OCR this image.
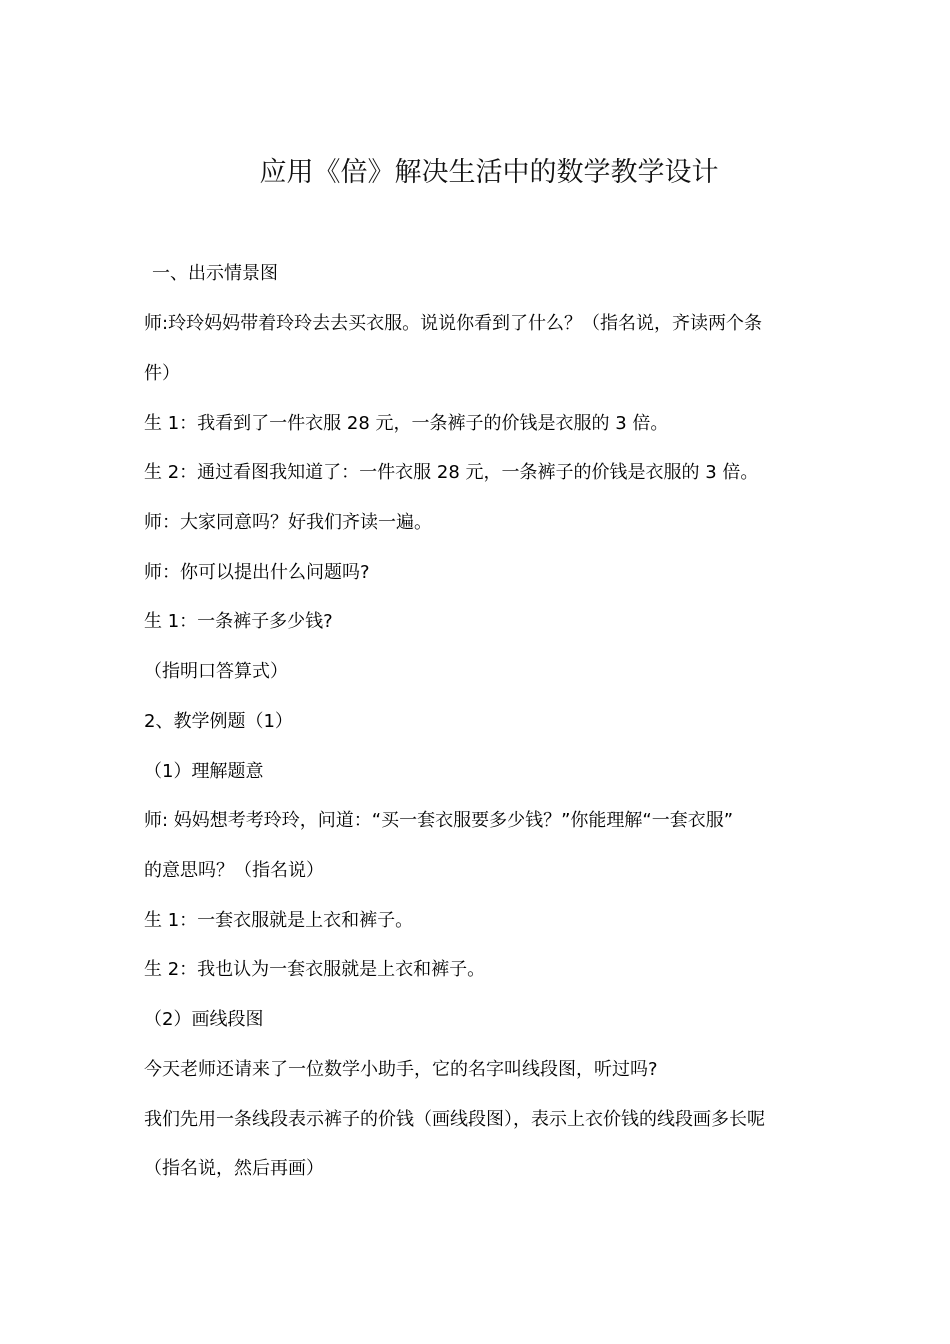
应用《倍》解决生活中的数学教学设计
一、出示情景图
师:玲玲妈妈带着玲玲去去买衣服。说说你看到了什么？（指名说，齐读两个条
件）
生 1：我看到了一件衣服 28 元，一条裤子的价钱是衣服的 3 倍。
生 2：通过看图我知道了：一件衣服 28 元，一条裤子的价钱是衣服的 3 倍。
师：大家同意吗？好我们齐读一遍。
师：你可以提出什么问题吗?
生 1：一条裤子多少钱?
（指明口答算式）
2、教学例题（1）
（1）理解题意
师: 妈妈想考考玲玲，问道：“买一套衣服要多少钱？”你能理解“一套衣服”
的意思吗？（指名说）
生 1：一套衣服就是上衣和裤子。
生 2：我也认为一套衣服就是上衣和裤子。
（2）画线段图
今天老师还请来了一位数学小助手，它的名字叫线段图，听过吗?
我们先用一条线段表示裤子的价钱（画线段图），表示上衣价钱的线段画多长呢
（指名说，然后再画）
